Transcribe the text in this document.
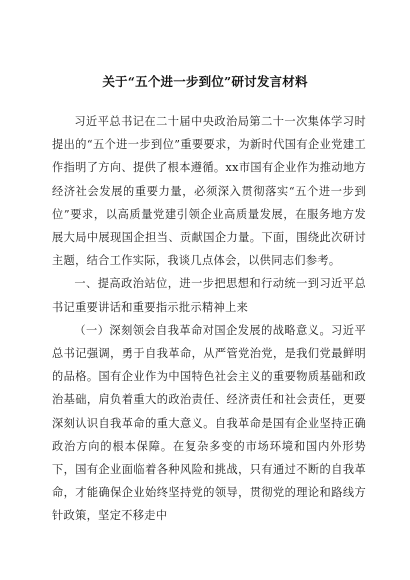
关于“五个进一步到位”研讨发言材料

习近平总书记在二十届中央政治局第二十一次集体学习时提出的“五个进一步到位”重要要求，为新时代国有企业党建工作指明了方向、提供了根本遵循。xx市国有企业作为推动地方经济社会发展的重要力量，必须深入贯彻落实“五个进一步到位”要求，以高质量党建引领企业高质量发展，在服务地方发展大局中展现国企担当、贡献国企力量。下面，围绕此次研讨主题，结合工作实际，我谈几点体会，以供同志们参考。

一、提高政治站位，进一步把思想和行动统一到习近平总书记重要讲话和重要指示批示精神上来

（一）深刻领会自我革命对国企发展的战略意义。习近平总书记强调，勇于自我革命，从严管党治党，是我们党最鲜明的品格。国有企业作为中国特色社会主义的重要物质基础和政治基础，肩负着重大的政治责任、经济责任和社会责任，更要深刻认识自我革命的重大意义。自我革命是国有企业坚持正确政治方向的根本保障。在复杂多变的市场环境和国内外形势下，国有企业面临着各种风险和挑战，只有通过不断的自我革命，才能确保企业始终坚持党的领导，贯彻党的理论和路线方针政策，坚定不移走中
